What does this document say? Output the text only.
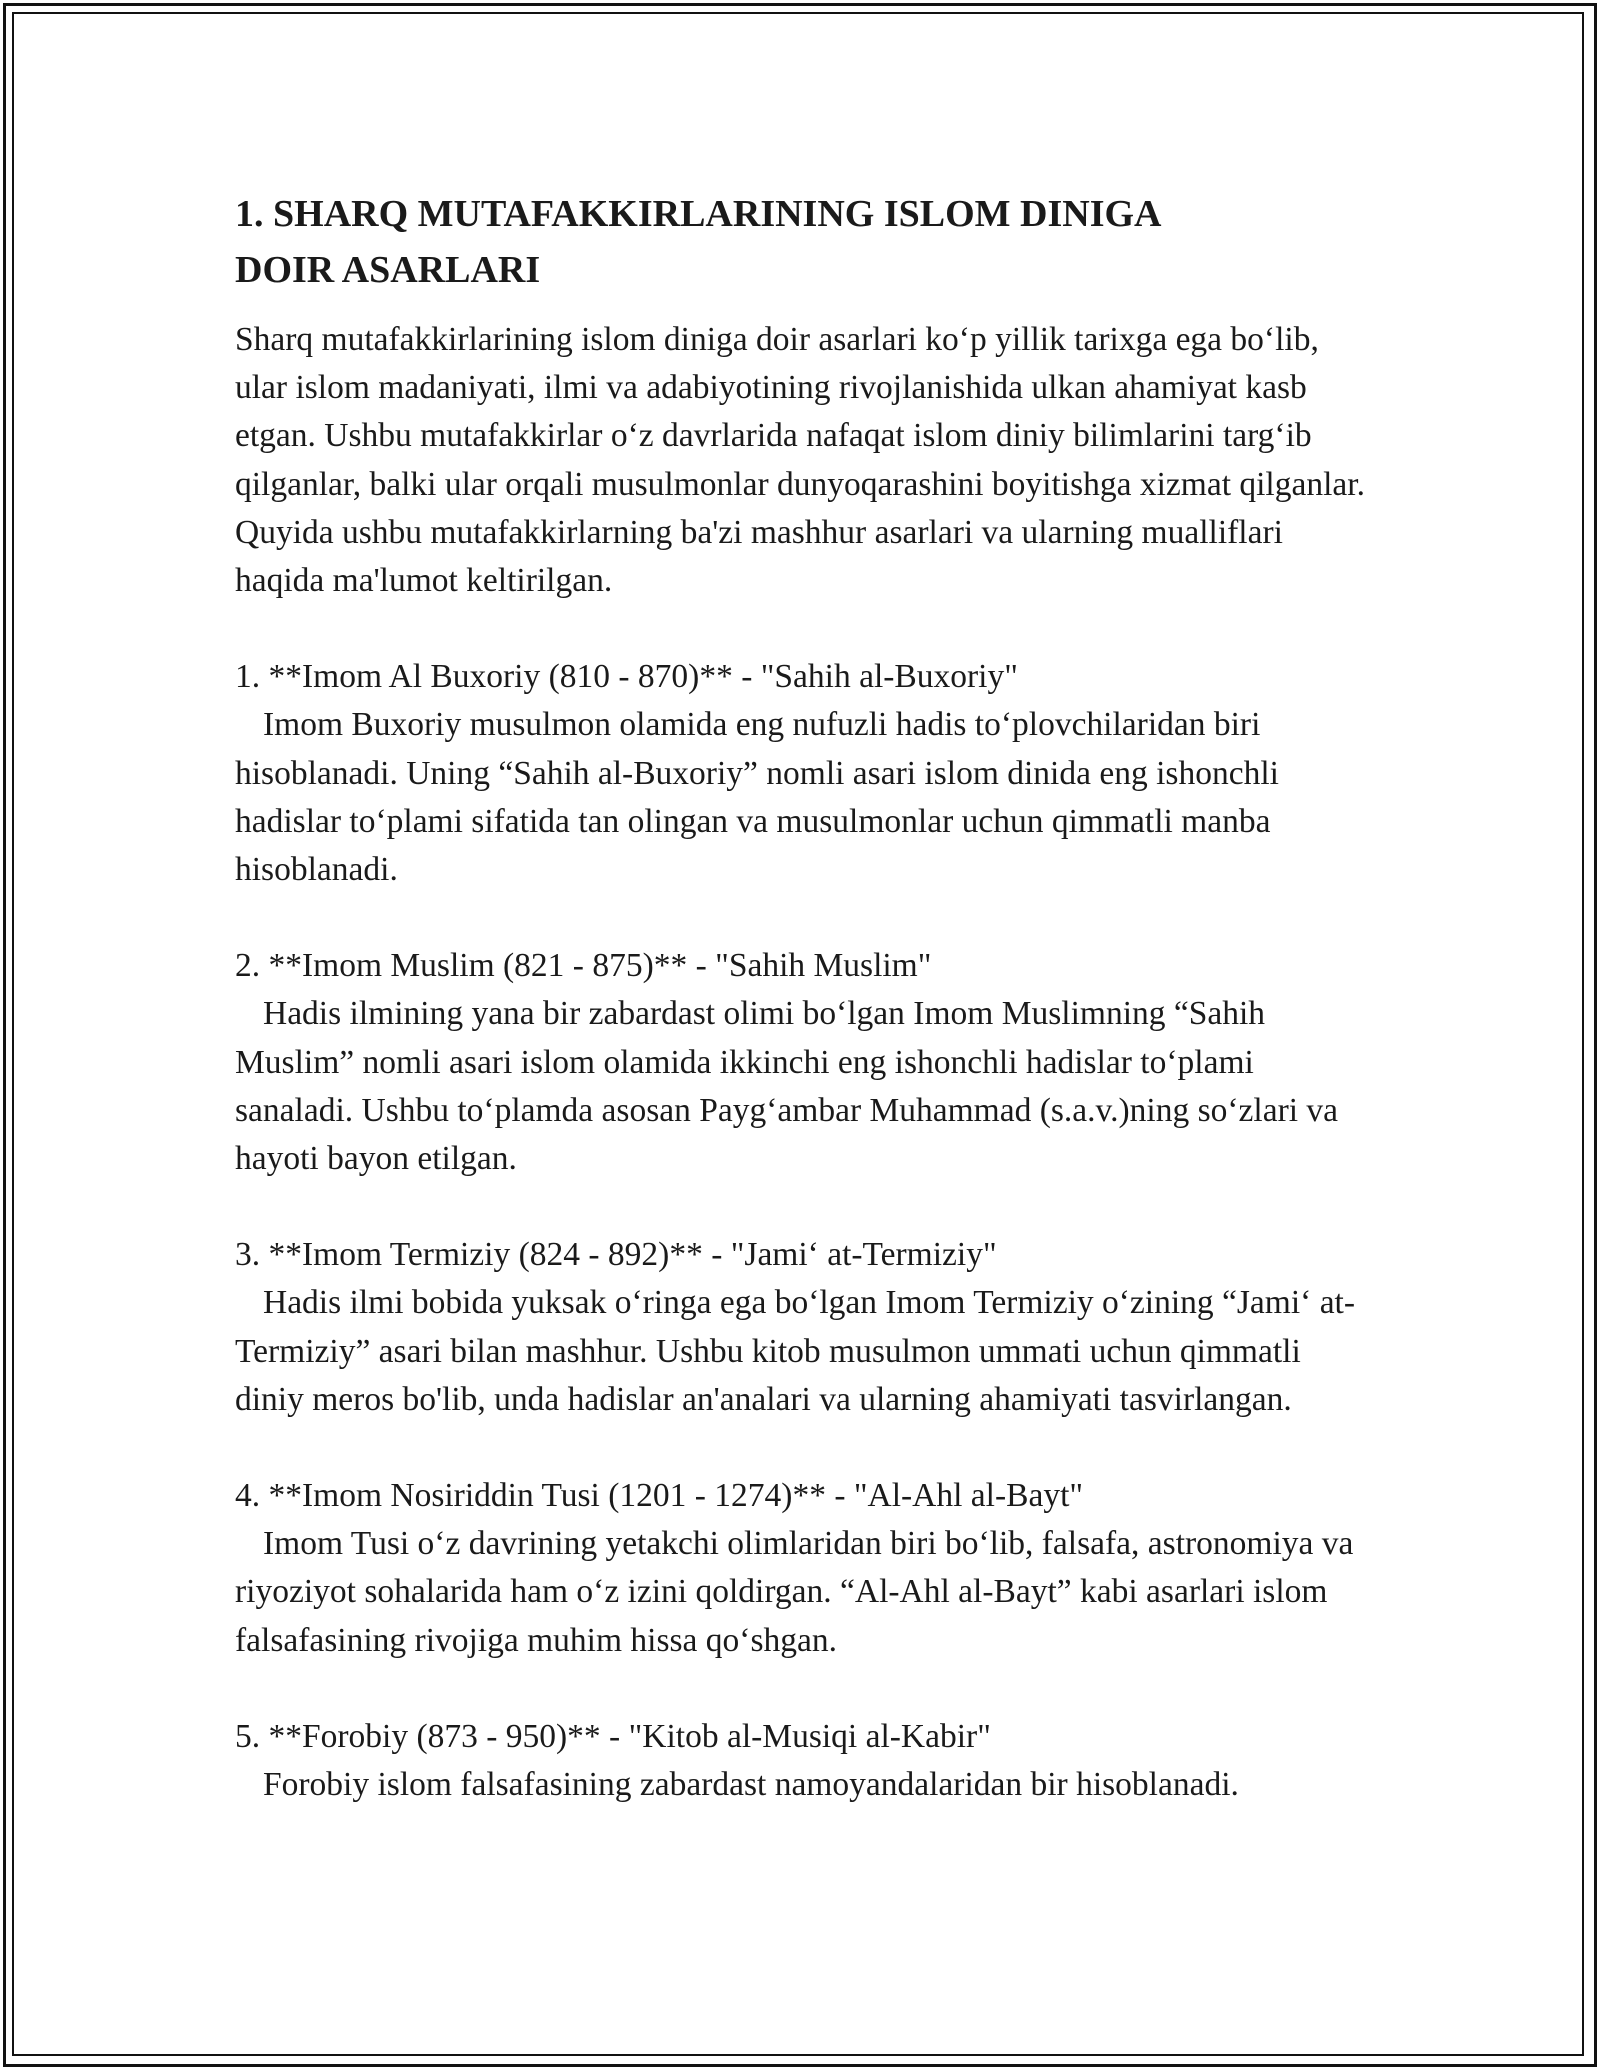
1. SHARQ MUTAFAKKIRLARINING ISLOM DINIGA
DOIR ASARLARI

Sharq mutafakkirlarining islom diniga doir asarlari koʻp yillik tarixga ega boʻlib, ular islom madaniyati, ilmi va adabiyotining rivojlanishida ulkan ahamiyat kasb etgan. Ushbu mutafakkirlar oʻz davrlarida nafaqat islom diniy bilimlarini targʻib qilganlar, balki ular orqali musulmonlar dunyoqarashini boyitishga xizmat qilganlar. Quyida ushbu mutafakkirlarning ba'zi mashhur asarlari va ularning mualliflari haqida ma'lumot keltirilgan.

1. **Imom Al Buxoriy (810 - 870)** - "Sahih al-Buxoriy"

Imom Buxoriy musulmon olamida eng nufuzli hadis toʻplovchilaridan biri hisoblanadi. Uning “Sahih al-Buxoriy” nomli asari islom dinida eng ishonchli hadislar toʻplami sifatida tan olingan va musulmonlar uchun qimmatli manba hisoblanadi.

2. **Imom Muslim (821 - 875)** - "Sahih Muslim"

Hadis ilmining yana bir zabardast olimi boʻlgan Imom Muslimning “Sahih Muslim” nomli asari islom olamida ikkinchi eng ishonchli hadislar toʻplami sanaladi. Ushbu toʻplamda asosan Paygʻambar Muhammad (s.a.v.)ning soʻzlari va hayoti bayon etilgan.

3. **Imom Termiziy (824 - 892)** - "Jamiʻ at-Termiziy"

Hadis ilmi bobida yuksak oʻringa ega boʻlgan Imom Termiziy oʻzining “Jamiʻ at-Termiziy” asari bilan mashhur. Ushbu kitob musulmon ummati uchun qimmatli diniy meros bo'lib, unda hadislar an'analari va ularning ahamiyati tasvirlangan.

4. **Imom Nosiriddin Tusi (1201 - 1274)** - "Al-Ahl al-Bayt"

Imom Tusi oʻz davrining yetakchi olimlaridan biri boʻlib, falsafa, astronomiya va riyoziyot sohalarida ham oʻz izini qoldirgan. “Al-Ahl al-Bayt” kabi asarlari islom falsafasining rivojiga muhim hissa qoʻshgan.

5. **Forobiy (873 - 950)** - "Kitob al-Musiqi al-Kabir"

Forobiy islom falsafasining zabardast namoyandalaridan bir hisoblanadi.
